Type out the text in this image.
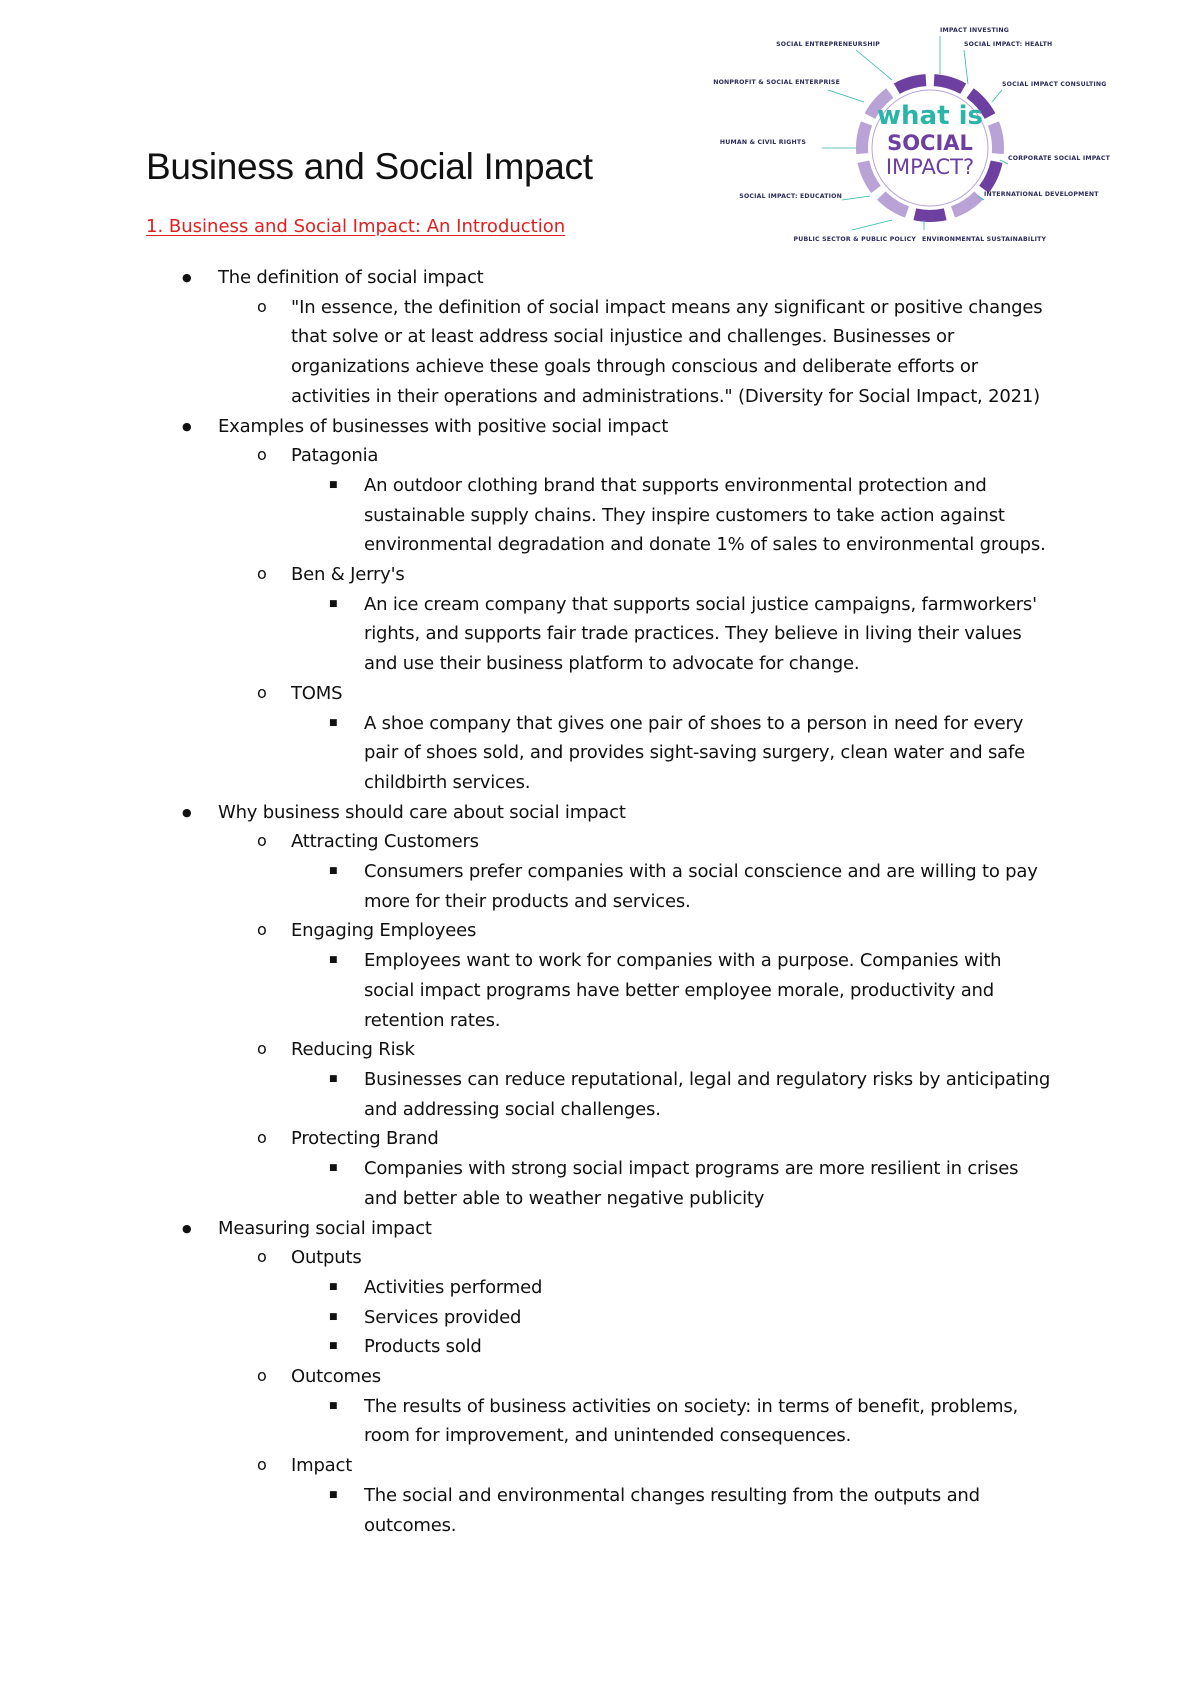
Business and Social Impact
1. Business and Social Impact: An Introduction
IMPACT INVESTING
SOCIAL IMPACT: HEALTH
SOCIAL IMPACT CONSULTING
CORPORATE SOCIAL IMPACT
INTERNATIONAL DEVELOPMENT
ENVIRONMENTAL SUSTAINABILITY
PUBLIC SECTOR & PUBLIC POLICY
SOCIAL IMPACT: EDUCATION
HUMAN & CIVIL RIGHTS
NONPROFIT & SOCIAL ENTERPRISE
SOCIAL ENTREPRENEURSHIP
what is
SOCIAL
IMPACT?
● The definition of social impact
o "In essence, the definition of social impact means any significant or positive changes
that solve or at least address social injustice and challenges. Businesses or
organizations achieve these goals through conscious and deliberate efforts or
activities in their operations and administrations." (Diversity for Social Impact, 2021)
● Examples of businesses with positive social impact
o Patagonia
■ An outdoor clothing brand that supports environmental protection and
sustainable supply chains. They inspire customers to take action against
environmental degradation and donate 1% of sales to environmental groups.
o Ben & Jerry's
■ An ice cream company that supports social justice campaigns, farmworkers'
rights, and supports fair trade practices. They believe in living their values
and use their business platform to advocate for change.
o TOMS
■ A shoe company that gives one pair of shoes to a person in need for every
pair of shoes sold, and provides sight-saving surgery, clean water and safe
childbirth services.
● Why business should care about social impact
o Attracting Customers
■ Consumers prefer companies with a social conscience and are willing to pay
more for their products and services.
o Engaging Employees
■ Employees want to work for companies with a purpose. Companies with
social impact programs have better employee morale, productivity and
retention rates.
o Reducing Risk
■ Businesses can reduce reputational, legal and regulatory risks by anticipating
and addressing social challenges.
o Protecting Brand
■ Companies with strong social impact programs are more resilient in crises
and better able to weather negative publicity
● Measuring social impact
o Outputs
■ Activities performed
■ Services provided
■ Products sold
o Outcomes
■ The results of business activities on society: in terms of benefit, problems,
room for improvement, and unintended consequences.
o Impact
■ The social and environmental changes resulting from the outputs and
outcomes.
